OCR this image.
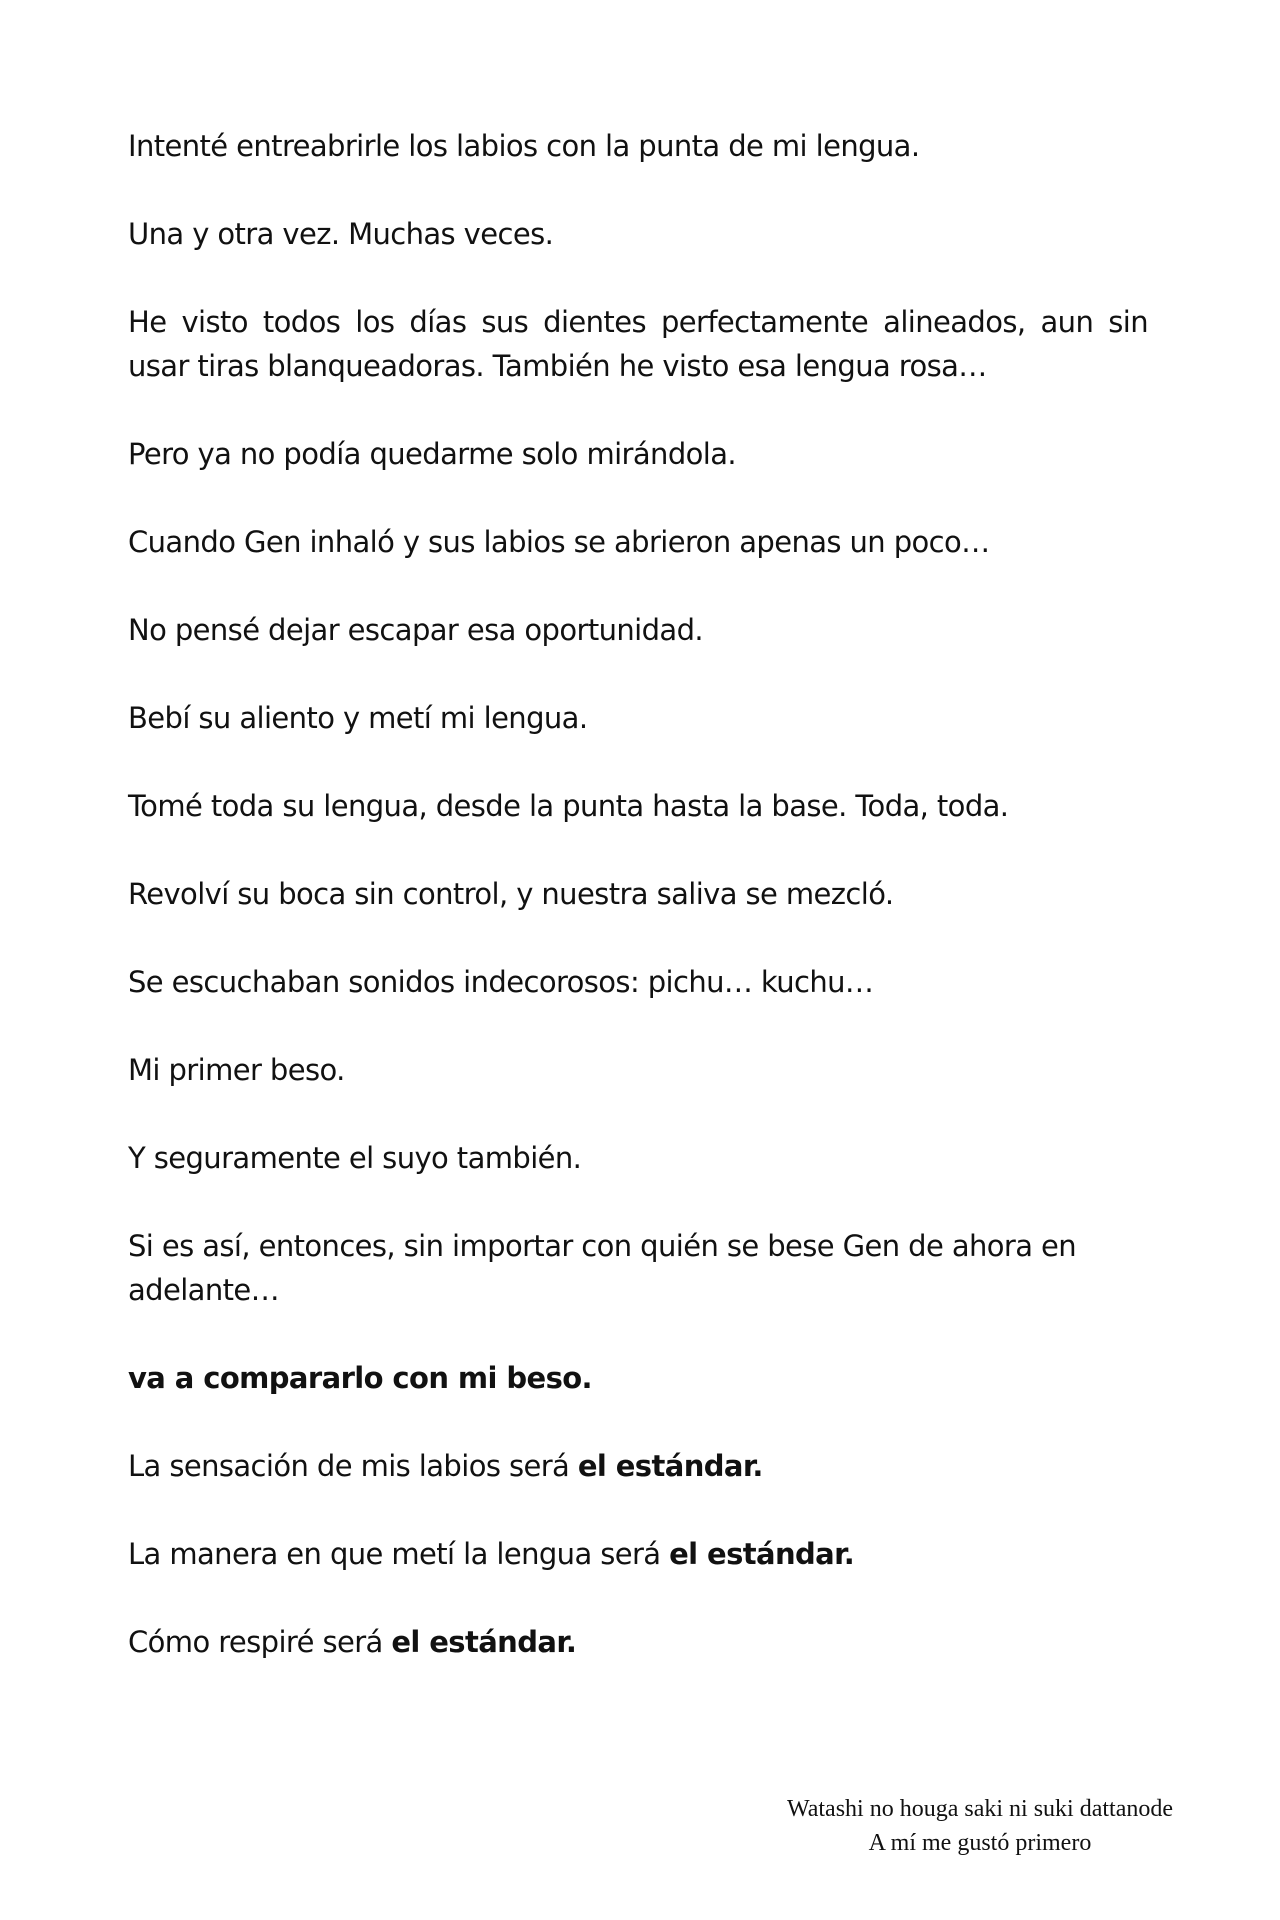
Intenté entreabrirle los labios con la punta de mi lengua.

Una y otra vez. Muchas veces.

He visto todos los días sus dientes perfectamente alineados, aun sin usar tiras blanqueadoras. También he visto esa lengua rosa…

Pero ya no podía quedarme solo mirándola.

Cuando Gen inhaló y sus labios se abrieron apenas un poco…

No pensé dejar escapar esa oportunidad.

Bebí su aliento y metí mi lengua.

Tomé toda su lengua, desde la punta hasta la base. Toda, toda.

Revolví su boca sin control, y nuestra saliva se mezcló.

Se escuchaban sonidos indecorosos: pichu… kuchu…

Mi primer beso.

Y seguramente el suyo también.

Si es así, entonces, sin importar con quién se bese Gen de ahora en adelante…

va a compararlo con mi beso.

La sensación de mis labios será el estándar.

La manera en que metí la lengua será el estándar.

Cómo respiré será el estándar.

Watashi no houga saki ni suki dattanode
A mí me gustó primero
